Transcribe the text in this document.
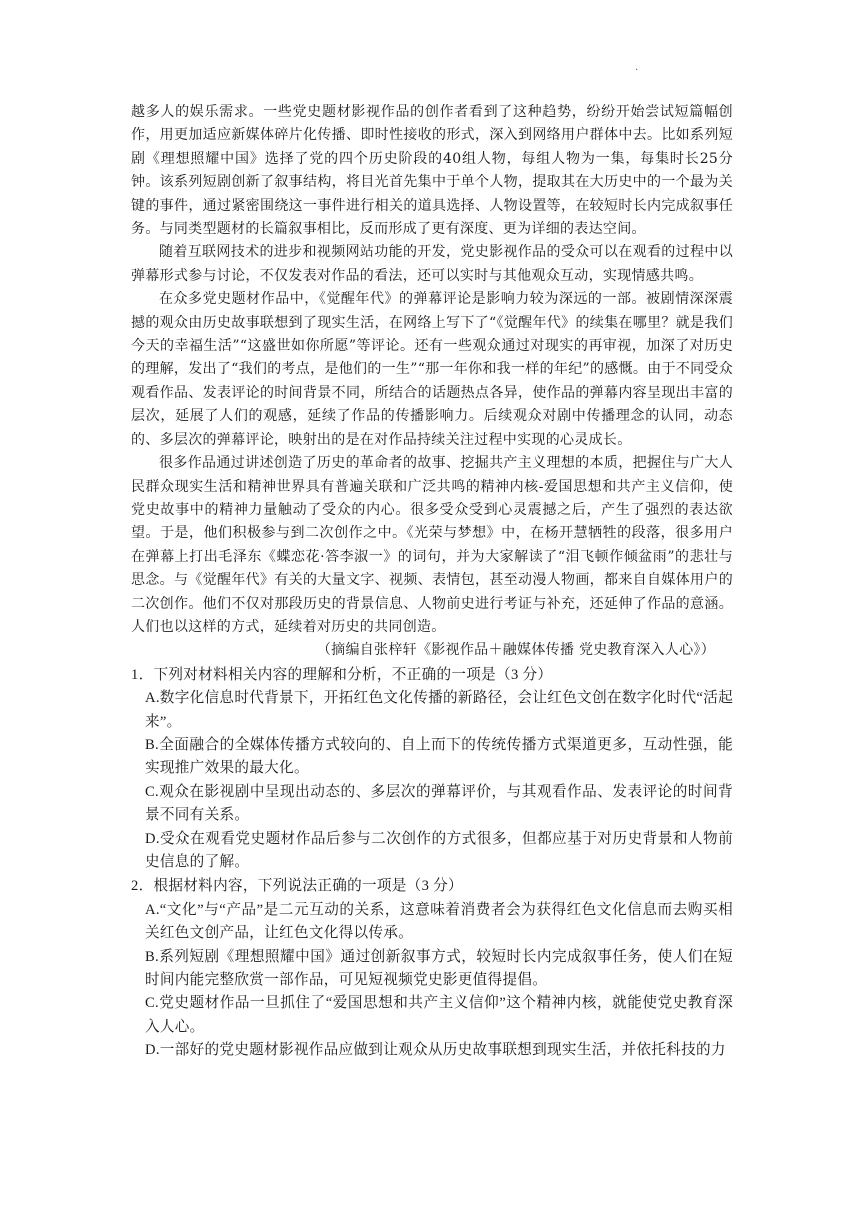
.

越多人的娱乐需求。一些党史题材影视作品的创作者看到了这种趋势，纷纷开始尝试短篇幅创作，用更加适应新媒体碎片化传播、即时性接收的形式，深入到网络用户群体中去。比如系列短剧《理想照耀中国》选择了党的四个历史阶段的40组人物，每组人物为一集，每集时长25分钟。该系列短剧创新了叙事结构，将目光首先集中于单个人物，提取其在大历史中的一个最为关键的事件，通过紧密围绕这一事件进行相关的道具选择、人物设置等，在较短时长内完成叙事任务。与同类型题材的长篇叙事相比，反而形成了更有深度、更为详细的表达空间。

随着互联网技术的进步和视频网站功能的开发，党史影视作品的受众可以在观看的过程中以弹幕形式参与讨论，不仅发表对作品的看法，还可以实时与其他观众互动，实现情感共鸣。

在众多党史题材作品中，《觉醒年代》的弹幕评论是影响力较为深远的一部。被剧情深深震撼的观众由历史故事联想到了现实生活，在网络上写下了“《觉醒年代》的续集在哪里？就是我们今天的幸福生活”“这盛世如你所愿”等评论。还有一些观众通过对现实的再审视，加深了对历史的理解，发出了“我们的考点，是他们的一生”“那一年你和我一样的年纪”的感慨。由于不同受众观看作品、发表评论的时间背景不同，所结合的话题热点各异，使作品的弹幕内容呈现出丰富的层次，延展了人们的观感，延续了作品的传播影响力。后续观众对剧中传播理念的认同，动态的、多层次的弹幕评论，映射出的是在对作品持续关注过程中实现的心灵成长。

很多作品通过讲述创造了历史的革命者的故事、挖掘共产主义理想的本质，把握住与广大人民群众现实生活和精神世界具有普遍关联和广泛共鸣的精神内核-爱国思想和共产主义信仰，使党史故事中的精神力量触动了受众的内心。很多受众受到心灵震撼之后，产生了强烈的表达欲望。于是，他们积极参与到二次创作之中。《光荣与梦想》中，在杨开慧牺牲的段落，很多用户在弹幕上打出毛泽东《蝶恋花·答李淑一》的词句，并为大家解读了“泪飞顿作倾盆雨”的悲壮与思念。与《觉醒年代》有关的大量文字、视频、表情包，甚至动漫人物画，都来自自媒体用户的二次创作。他们不仅对那段历史的背景信息、人物前史进行考证与补充，还延伸了作品的意涵。人们也以这样的方式，延续着对历史的共同创造。

（摘编自张梓轩《影视作品＋融媒体传播 党史教育深入人心》）

1．下列对材料相关内容的理解和分析，不正确的一项是（3 分）

A.数字化信息时代背景下，开拓红色文化传播的新路径，会让红色文创在数字化时代“活起来”。

B.全面融合的全媒体传播方式较向的、自上而下的传统传播方式渠道更多，互动性强，能实现推广效果的最大化。

C.观众在影视剧中呈现出动态的、多层次的弹幕评价，与其观看作品、发表评论的时间背景不同有关系。

D.受众在观看党史题材作品后参与二次创作的方式很多，但都应基于对历史背景和人物前史信息的了解。

2．根据材料内容，下列说法正确的一项是（3 分）

A.“文化”与“产品”是二元互动的关系，这意味着消费者会为获得红色文化信息而去购买相关红色文创产品，让红色文化得以传承。

B.系列短剧《理想照耀中国》通过创新叙事方式，较短时长内完成叙事任务，使人们在短时间内能完整欣赏一部作品，可见短视频党史影更值得提倡。

C.党史题材作品一旦抓住了“爱国思想和共产主义信仰”这个精神内核，就能使党史教育深入人心。

D.一部好的党史题材影视作品应做到让观众从历史故事联想到现实生活，并依托科技的力
